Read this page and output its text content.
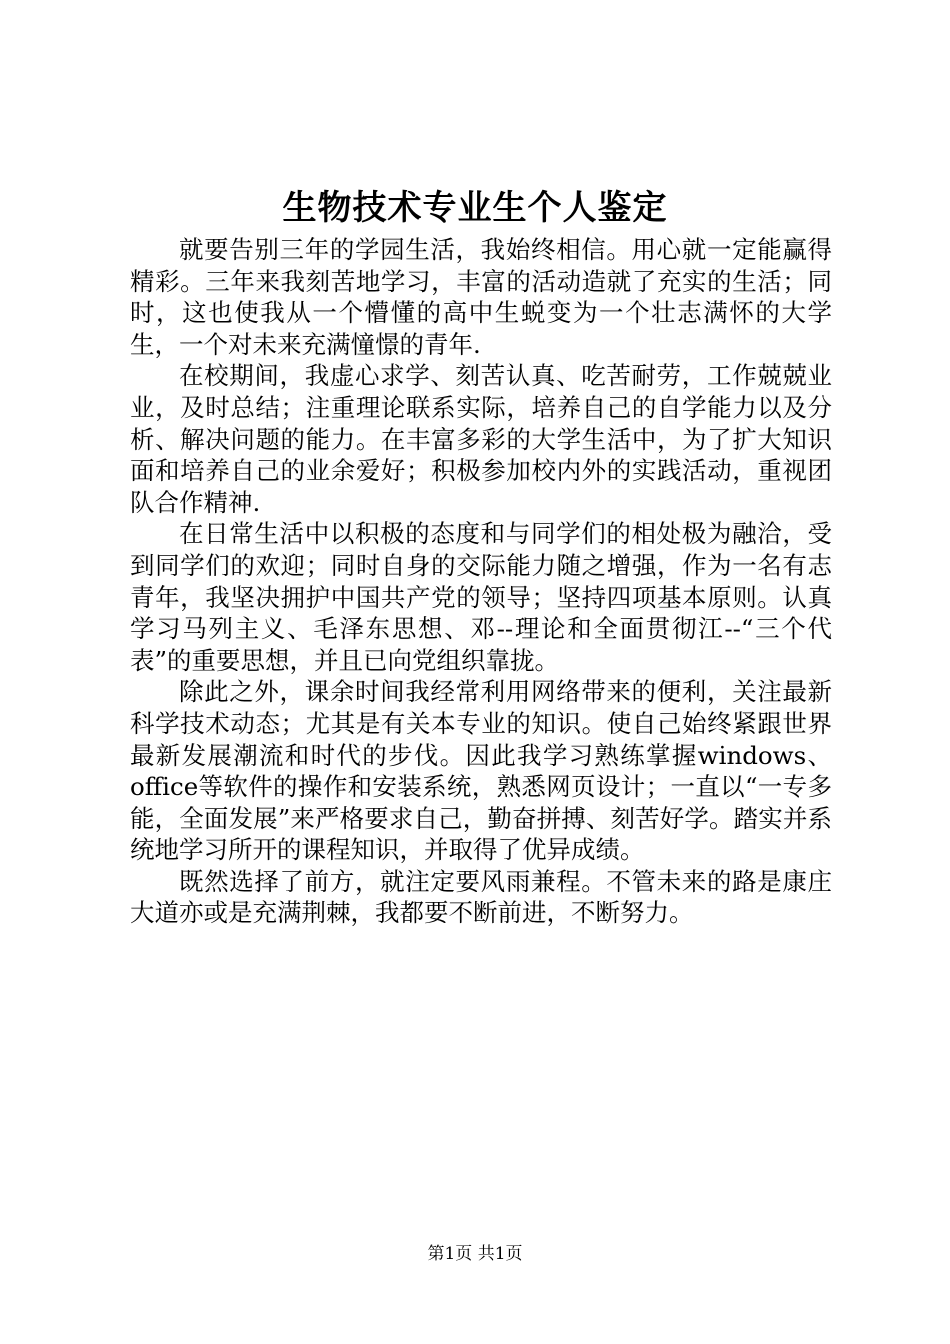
生物技术专业生个人鉴定

就要告别三年的学园生活，我始终相信。用心就一定能赢得精彩。三年来我刻苦地学习，丰富的活动造就了充实的生活；同时，这也使我从一个懵懂的高中生蜕变为一个壮志满怀的大学生，一个对未来充满憧憬的青年.

在校期间，我虚心求学、刻苦认真、吃苦耐劳，工作兢兢业业，及时总结；注重理论联系实际，培养自己的自学能力以及分析、解决问题的能力。在丰富多彩的大学生活中，为了扩大知识面和培养自己的业余爱好；积极参加校内外的实践活动，重视团队合作精神.

在日常生活中以积极的态度和与同学们的相处极为融洽，受到同学们的欢迎；同时自身的交际能力随之增强，作为一名有志青年，我坚决拥护中国共产党的领导；坚持四项基本原则。认真学习马列主义、毛泽东思想、邓--理论和全面贯彻江--“三个代表”的重要思想，并且已向党组织靠拢。

除此之外，课余时间我经常利用网络带来的便利，关注最新科学技术动态；尤其是有关本专业的知识。使自己始终紧跟世界最新发展潮流和时代的步伐。因此我学习熟练掌握windows、office等软件的操作和安装系统，熟悉网页设计；一直以“一专多能，全面发展”来严格要求自己，勤奋拼搏、刻苦好学。踏实并系统地学习所开的课程知识，并取得了优异成绩。

既然选择了前方，就注定要风雨兼程。不管未来的路是康庄大道亦或是充满荆棘，我都要不断前进，不断努力。

第1页 共1页
